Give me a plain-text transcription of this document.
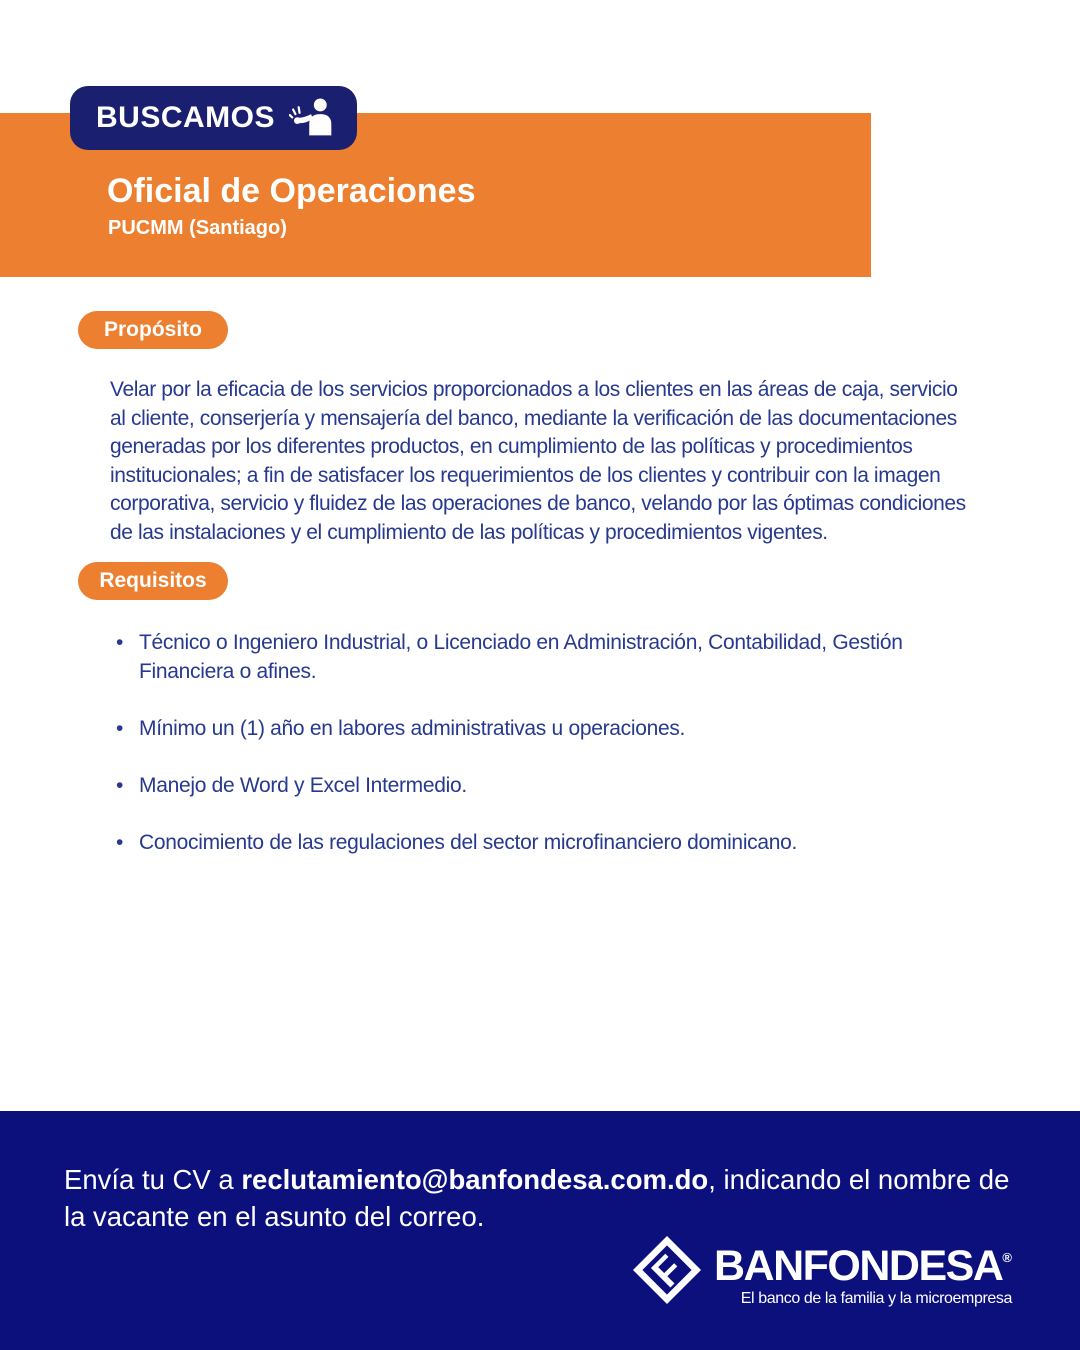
BUSCAMOS
Oficial de Operaciones
PUCMM (Santiago)
Propósito

Velar por la eficacia de los servicios proporcionados a los clientes en las áreas de caja, servicio al cliente, conserjería y mensajería del banco, mediante la verificación de las documentaciones generadas por los diferentes productos, en cumplimiento de las políticas y procedimientos institucionales; a fin de satisfacer los requerimientos de los clientes y contribuir con la imagen corporativa, servicio y fluidez de las operaciones de banco, velando por las óptimas condiciones de las instalaciones y el cumplimiento de las políticas y procedimientos vigentes.

Requisitos
• Técnico o Ingeniero Industrial, o Licenciado en Administración, Contabilidad, Gestión Financiera o afines.
• Mínimo un (1) año en labores administrativas u operaciones.
• Manejo de Word y Excel Intermedio.
• Conocimiento de las regulaciones del sector microfinanciero dominicano.

Envía tu CV a reclutamiento@banfondesa.com.do, indicando el nombre de la vacante en el asunto del correo.

F BANFONDESA®
El banco de la familia y la microempresa
